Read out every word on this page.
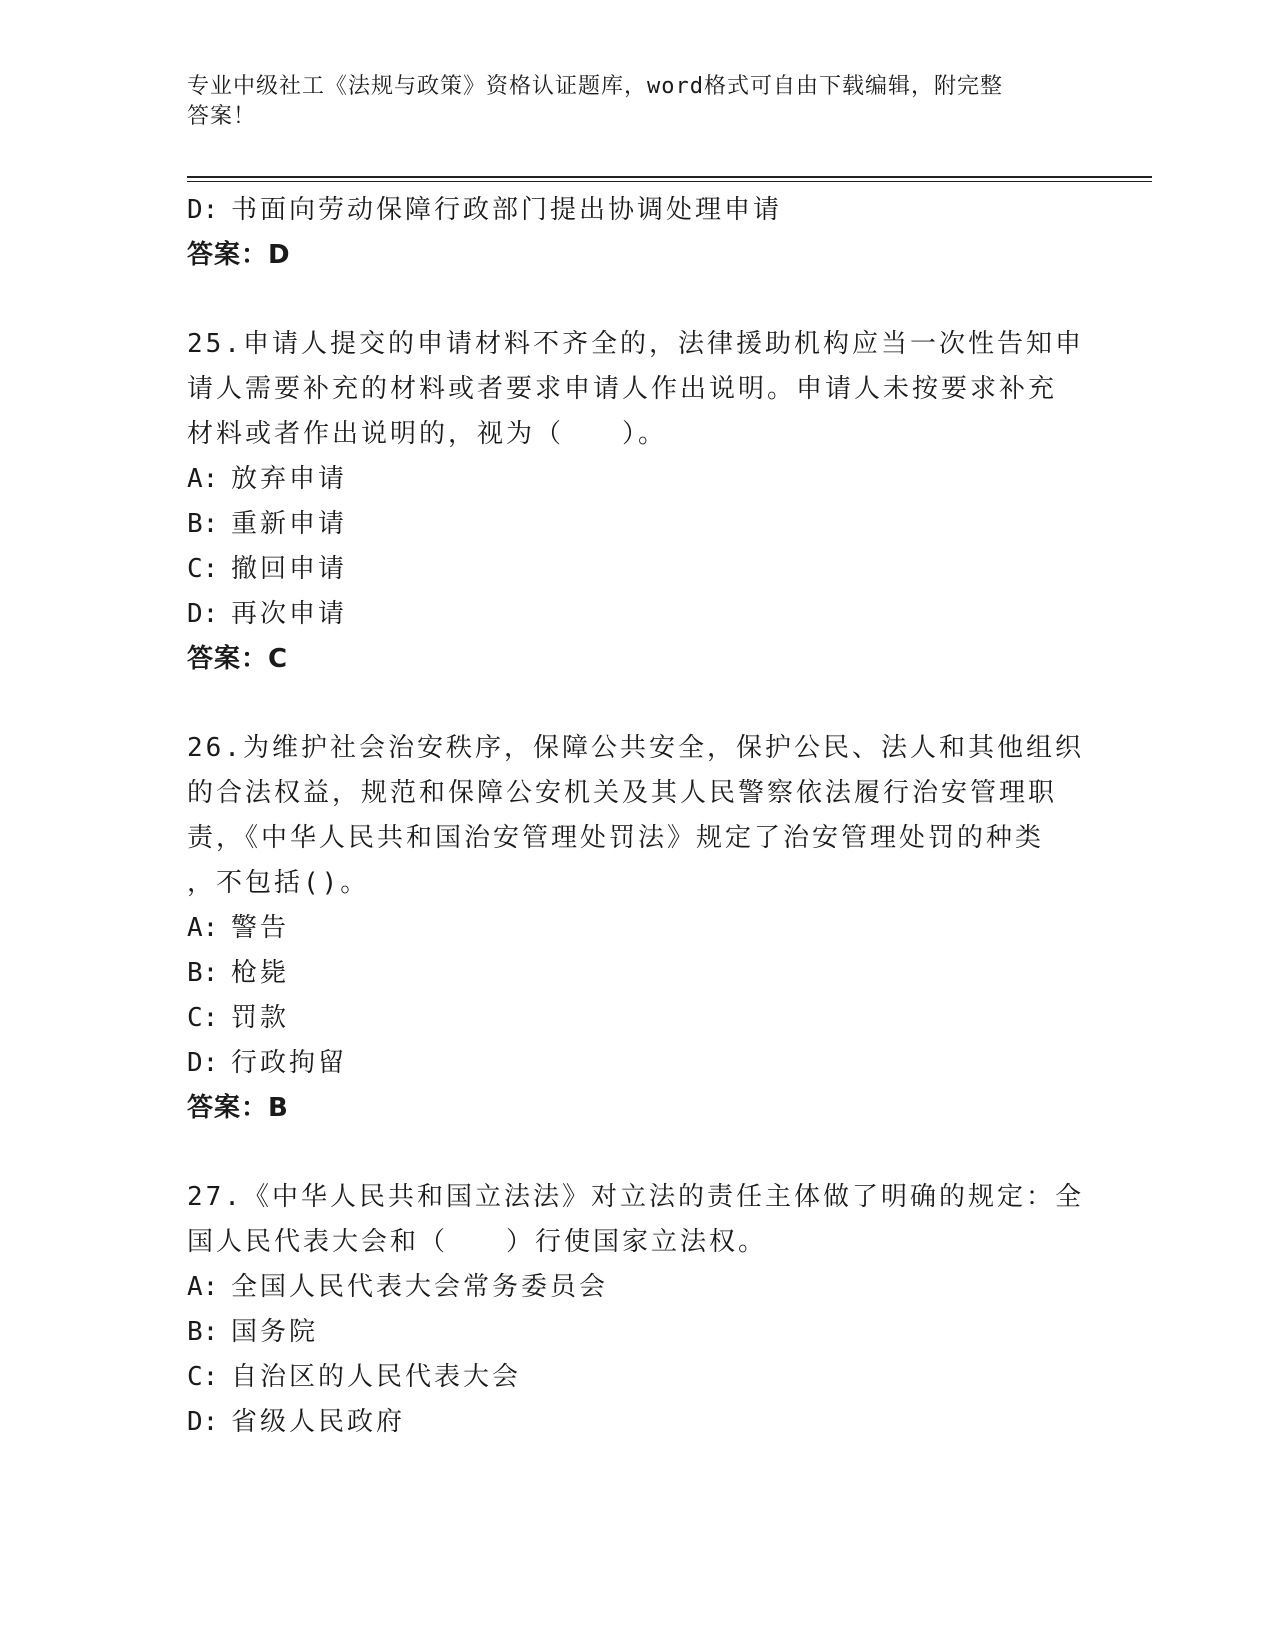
专业中级社工《法规与政策》资格认证题库，word格式可自由下载编辑，附完整
答案！
D: 书面向劳动保障行政部门提出协调处理申请
答案：D
25.申请人提交的申请材料不齐全的，法律援助机构应当一次性告知申
请人需要补充的材料或者要求申请人作出说明。申请人未按要求补充
材料或者作出说明的，视为（　　）。
A: 放弃申请
B: 重新申请
C: 撤回申请
D: 再次申请
答案：C
26.为维护社会治安秩序，保障公共安全，保护公民、法人和其他组织
的合法权益，规范和保障公安机关及其人民警察依法履行治安管理职
责，《中华人民共和国治安管理处罚法》规定了治安管理处罚的种类
，不包括()。
A: 警告
B: 枪毙
C: 罚款
D: 行政拘留
答案：B
27.《中华人民共和国立法法》对立法的责任主体做了明确的规定：全
国人民代表大会和（　　）行使国家立法权。
A: 全国人民代表大会常务委员会
B: 国务院
C: 自治区的人民代表大会
D: 省级人民政府
